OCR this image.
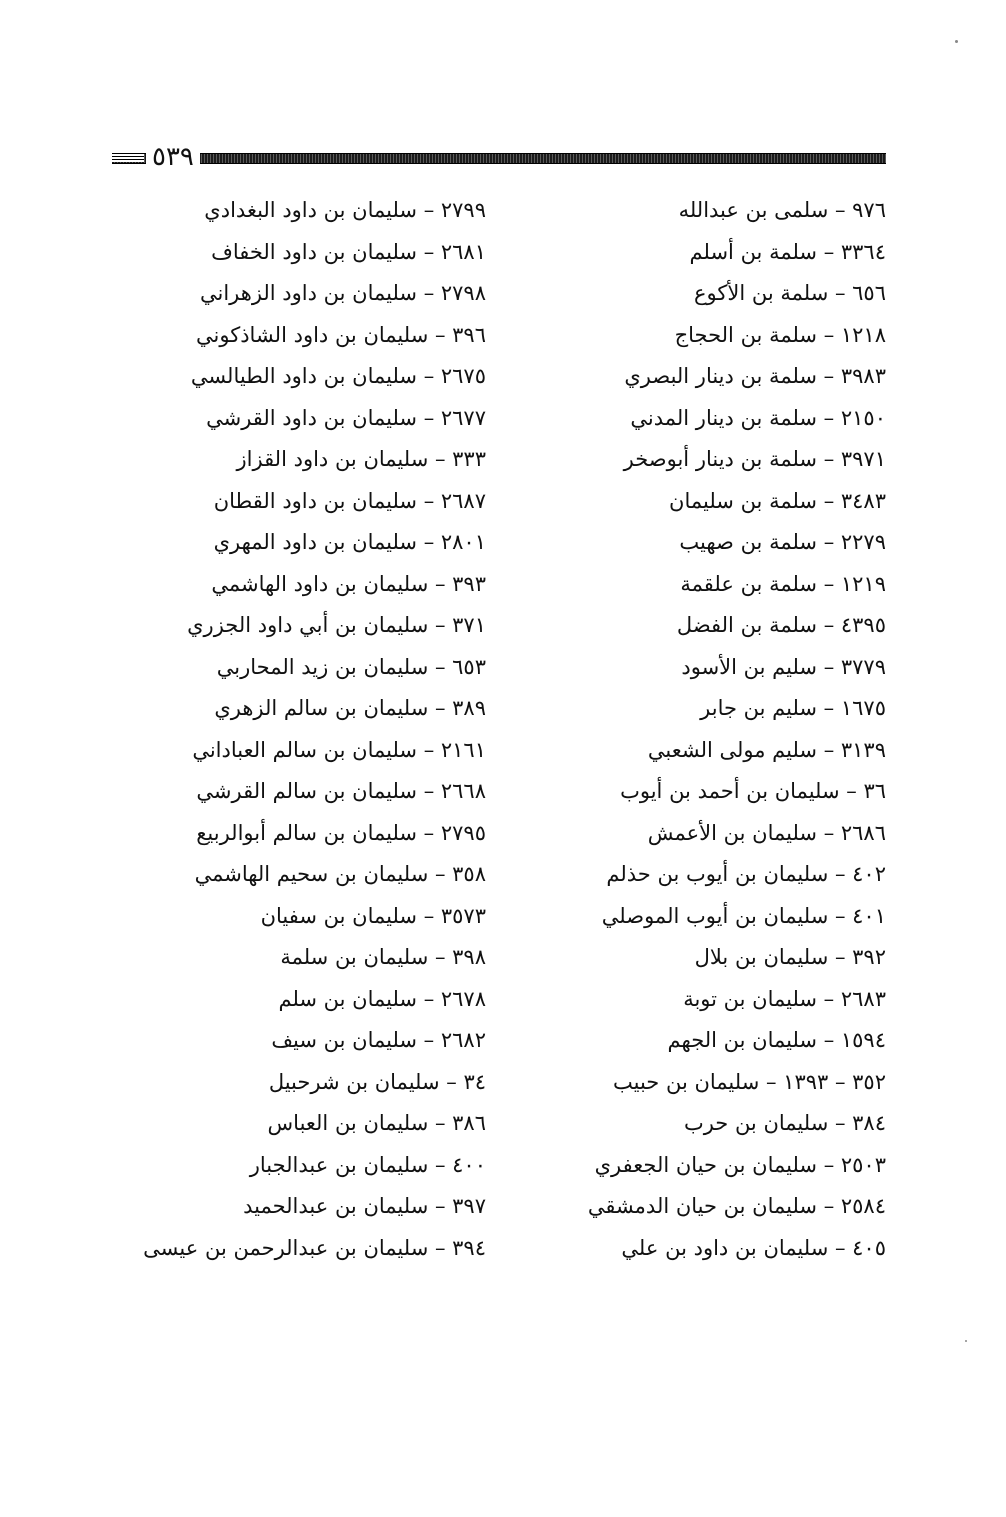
٥٣٩
٩٧٦ – سلمى بن عبدالله
٣٣٦٤ – سلمة بن أسلم
٦٥٦ – سلمة بن الأكوع
١٢١٨ – سلمة بن الحجاج
٣٩٨٣ – سلمة بن دينار البصري
٢١٥٠ – سلمة بن دينار المدني
٣٩٧١ – سلمة بن دينار أبوصخر
٣٤٨٣ – سلمة بن سليمان
٢٢٧٩ – سلمة بن صهيب
١٢١٩ – سلمة بن علقمة
٤٣٩٥ – سلمة بن الفضل
٣٧٧٩ – سليم بن الأسود
١٦٧٥ – سليم بن جابر
٣١٣٩ – سليم مولى الشعبي
٣٦ – سليمان بن أحمد بن أيوب
٢٦٨٦ – سليمان بن الأعمش
٤٠٢ – سليمان بن أيوب بن حذلم
٤٠١ – سليمان بن أيوب الموصلي
٣٩٢ – سليمان بن بلال
٢٦٨٣ – سليمان بن توبة
١٥٩٤ – سليمان بن الجهم
٣٥٢ – ١٣٩٣ – سليمان بن حبيب
٣٨٤ – سليمان بن حرب
٢٥٠٣ – سليمان بن حيان الجعفري
٢٥٨٤ – سليمان بن حيان الدمشقي
٤٠٥ – سليمان بن داود بن علي
٢٧٩٩ – سليمان بن داود البغدادي
٢٦٨١ – سليمان بن داود الخفاف
٢٧٩٨ – سليمان بن داود الزهراني
٣٩٦ – سليمان بن داود الشاذكوني
٢٦٧٥ – سليمان بن داود الطيالسي
٢٦٧٧ – سليمان بن داود القرشي
٣٣٣ – سليمان بن داود القزاز
٢٦٨٧ – سليمان بن داود القطان
٢٨٠١ – سليمان بن داود المهري
٣٩٣ – سليمان بن داود الهاشمي
٣٧١ – سليمان بن أبي داود الجزري
٦٥٣ – سليمان بن زيد المحاربي
٣٨٩ – سليمان بن سالم الزهري
٢١٦١ – سليمان بن سالم العباداني
٢٦٦٨ – سليمان بن سالم القرشي
٢٧٩٥ – سليمان بن سالم أبوالربيع
٣٥٨ – سليمان بن سحيم الهاشمي
٣٥٧٣ – سليمان بن سفيان
٣٩٨ – سليمان بن سلمة
٢٦٧٨ – سليمان بن سلم
٢٦٨٢ – سليمان بن سيف
٣٤ – سليمان بن شرحبيل
٣٨٦ – سليمان بن العباس
٤٠٠ – سليمان بن عبدالجبار
٣٩٧ – سليمان بن عبدالحميد
٣٩٤ – سليمان بن عبدالرحمن بن عيسى
